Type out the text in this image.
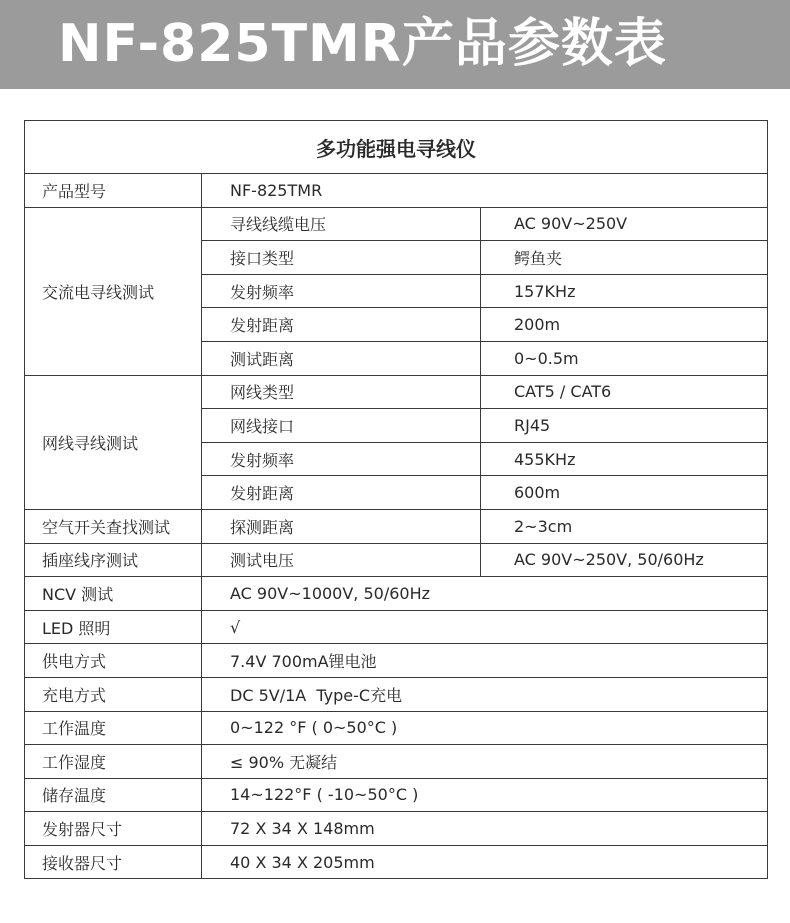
NF-825TMR产品参数表
多功能强电寻线仪		
产品型号	NF-825TMR	
交流电寻线测试	寻线线缆电压	AC 90V~250V
	接口类型	鳄鱼夹
	发射频率	157KHz
	发射距离	200m
	测试距离	0~0.5m
网线寻线测试	网线类型	CAT5 / CAT6
	网线接口	RJ45
	发射频率	455KHz
	发射距离	600m
空气开关查找测试	探测距离	2~3cm
插座线序测试	测试电压	AC 90V~250V, 50/60Hz
NCV 测试	AC 90V~1000V, 50/60Hz	
LED 照明	√	
供电方式	7.4V 700mA锂电池	
充电方式	DC 5V/1A  Type-C充电	
工作温度	0~122 °F ( 0~50°C )	
工作湿度	≤ 90% 无凝结	
储存温度	14~122°F ( -10~50°C )	
发射器尺寸	72 X 34 X 148mm	
接收器尺寸	40 X 34 X 205mm	
